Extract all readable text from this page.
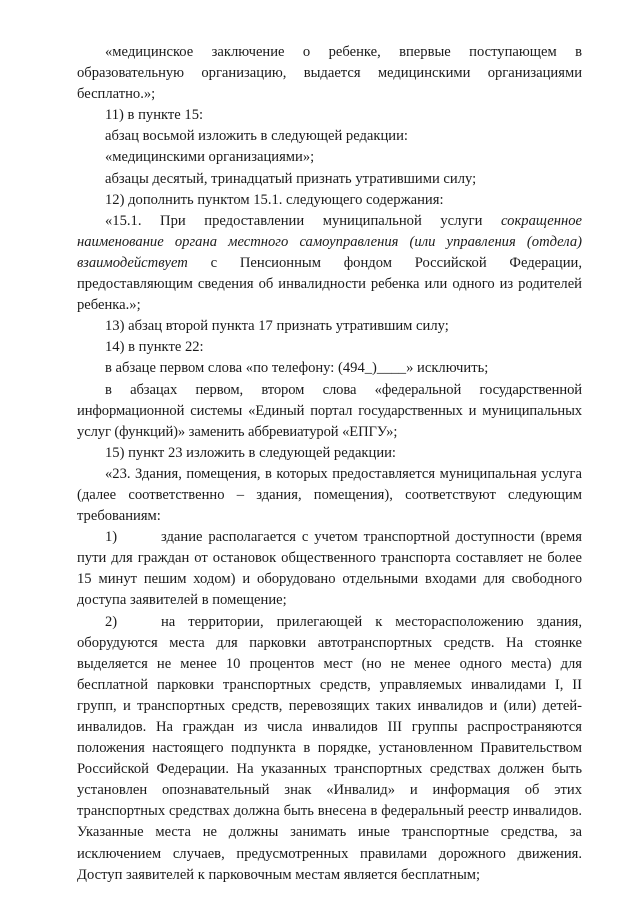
«медицинское заключение о ребенке, впервые поступающем в образовательную организацию, выдается медицинскими организациями бесплатно.»;

11) в пункте 15:

абзац восьмой изложить в следующей редакции:

«медицинскими организациями»;

абзацы десятый, тринадцатый признать утратившими силу;

12) дополнить пунктом 15.1. следующего содержания:

«15.1. При предоставлении муниципальной услуги сокращенное наименование органа местного самоуправления (или управления (отдела) взаимодействует с Пенсионным фондом Российской Федерации, предоставляющим сведения об инвалидности ребенка или одного из родителей ребенка.»;

13) абзац второй пункта 17 признать утратившим силу;

14) в пункте 22:

в абзаце первом слова «по телефону: (494_)____» исключить;

в абзацах первом, втором слова «федеральной государственной информационной системы «Единый портал государственных и муниципальных услуг (функций)» заменить аббревиатурой «ЕПГУ»;

15) пункт 23 изложить в следующей редакции:

«23. Здания, помещения, в которых предоставляется муниципальная услуга (далее соответственно – здания, помещения), соответствуют следующим требованиям:

1)	здание располагается с учетом транспортной доступности (время пути для граждан от остановок общественного транспорта составляет не более 15 минут пешим ходом) и оборудовано отдельными входами для свободного доступа заявителей в помещение;

2)	на территории, прилегающей к месторасположению здания, оборудуются места для парковки автотранспортных средств. На стоянке выделяется не менее 10 процентов мест (но не менее одного места) для бесплатной парковки транспортных средств, управляемых инвалидами I, II групп, и транспортных средств, перевозящих таких инвалидов и (или) детей-инвалидов. На граждан из числа инвалидов III группы распространяются положения настоящего подпункта в порядке, установленном Правительством Российской Федерации. На указанных транспортных средствах должен быть установлен опознавательный знак «Инвалид» и информация об этих транспортных средствах должна быть внесена в федеральный реестр инвалидов. Указанные места не должны занимать иные транспортные средства, за исключением случаев, предусмотренных правилами дорожного движения. Доступ заявителей к парковочным местам является бесплатным;
